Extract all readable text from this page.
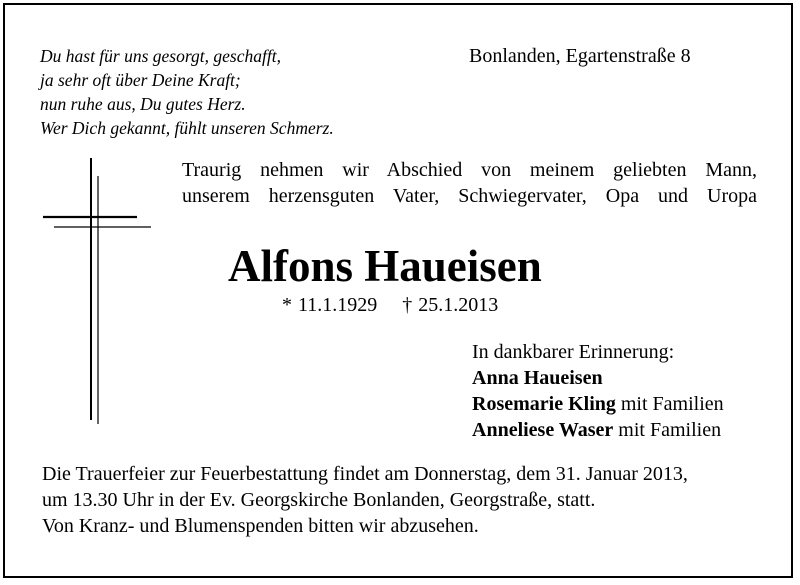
Du hast für uns gesorgt, geschafft,
ja sehr oft über Deine Kraft;
nun ruhe aus, Du gutes Herz.
Wer Dich gekannt, fühlt unseren Schmerz.
Bonlanden, Egartenstraße 8
Traurig nehmen wir Abschied von meinem geliebten Mann,
unserem herzensguten Vater, Schwiegervater, Opa und Uropa
Alfons Haueisen
* 11.1.1929 † 25.1.2013
In dankbarer Erinnerung:
Anna Haueisen
Rosemarie Kling mit Familien
Anneliese Waser mit Familien
Die Trauerfeier zur Feuerbestattung findet am Donnerstag, dem 31. Januar 2013,
um 13.30 Uhr in der Ev. Georgskirche Bonlanden, Georgstraße, statt.
Von Kranz- und Blumenspenden bitten wir abzusehen.
